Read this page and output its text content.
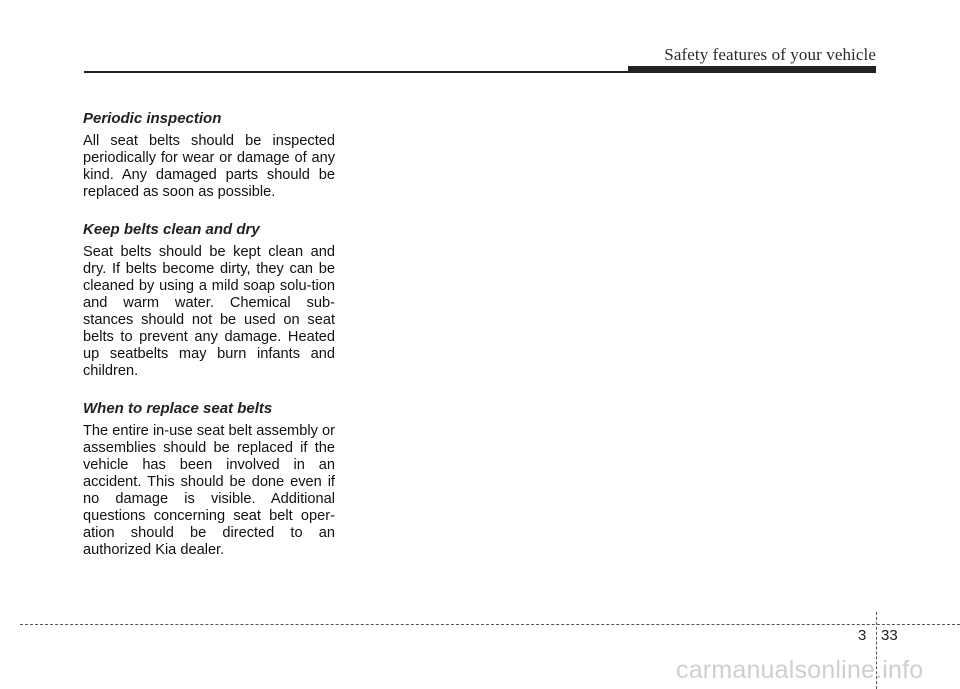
Safety features of your vehicle
Periodic inspection

All seat belts should be inspected periodically for wear or damage of any kind. Any damaged parts should be replaced as soon as possible.

Keep belts clean and dry

Seat belts should be kept clean and dry. If belts become dirty, they can be cleaned by using a mild soap solu-tion and warm water. Chemical sub-stances should not be used on seat belts to prevent any damage. Heated up seatbelts may burn infants and children.

When to replace seat belts

The entire in-use seat belt assembly or assemblies should be replaced if the vehicle has been involved in an accident. This should be done even if no damage is visible. Additional questions concerning seat belt oper-ation should be directed to an authorized Kia dealer.

3 33
carmanualsonline.info
